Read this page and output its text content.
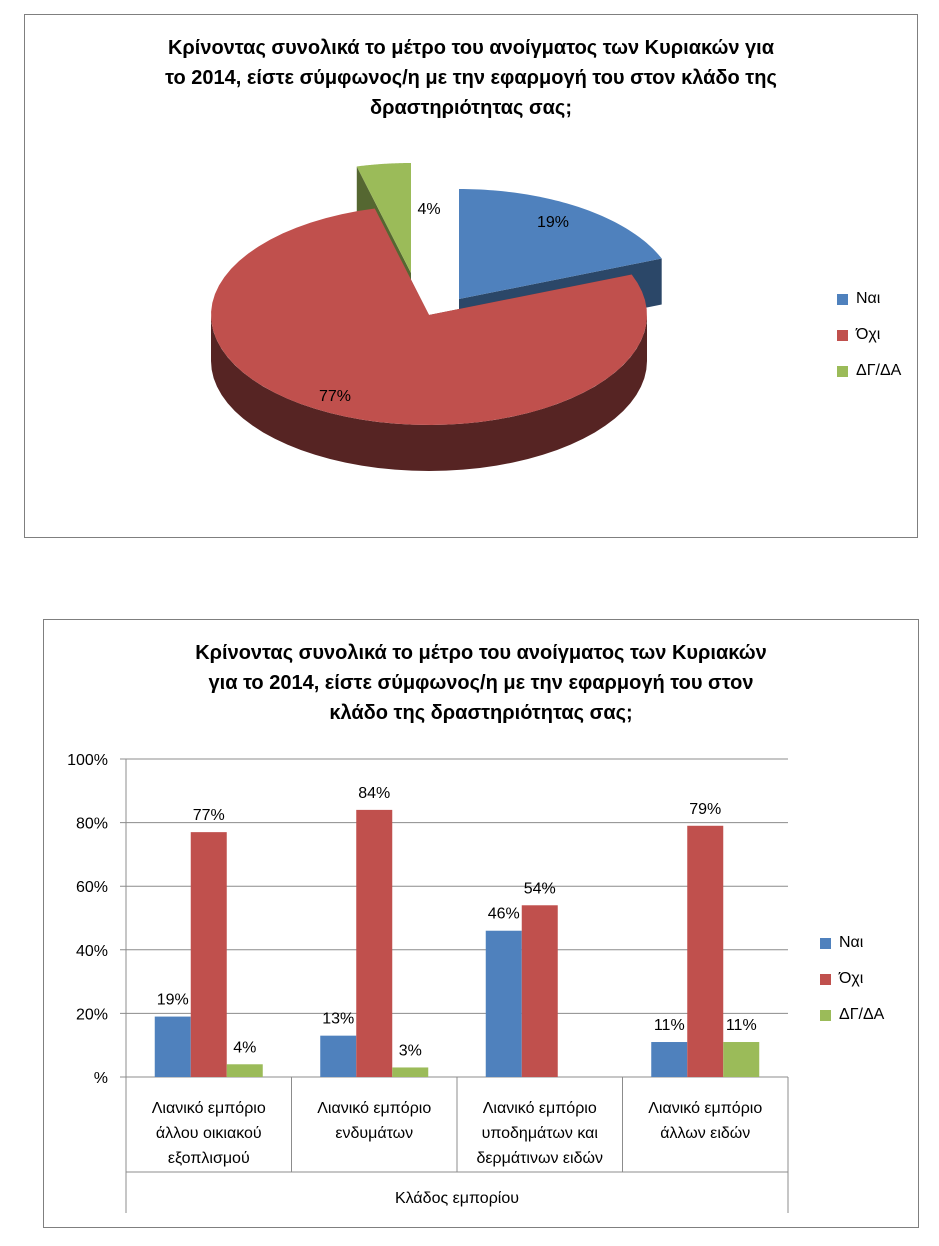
Κρίνοντας συνολικά το μέτρο του ανοίγματος των Κυριακών για
το 2014, είστε σύμφωνος/η με την εφαρμογή του στον κλάδο της
δραστηριότητας σας;
19%
77%
4%
Ναι
Όχι
ΔΓ/ΔΑ
Κρίνοντας συνολικά το μέτρο του ανοίγματος των Κυριακών
για το 2014, είστε σύμφωνος/η με την εφαρμογή του στον
κλάδο της δραστηριότητας σας;
%
20%
40%
60%
80%
100%
19%
77%
4%
Λιανικό εμπόριο
άλλου οικιακού
εξοπλισμού
13%
84%
3%
Λιανικό εμπόριο
ενδυμάτων
46%
54%
Λιανικό εμπόριο
υποδημάτων και
δερμάτινων ειδών
11%
79%
11%
Λιανικό εμπόριο
άλλων ειδών
Κλάδος εμπορίου
Ναι
Όχι
ΔΓ/ΔΑ
